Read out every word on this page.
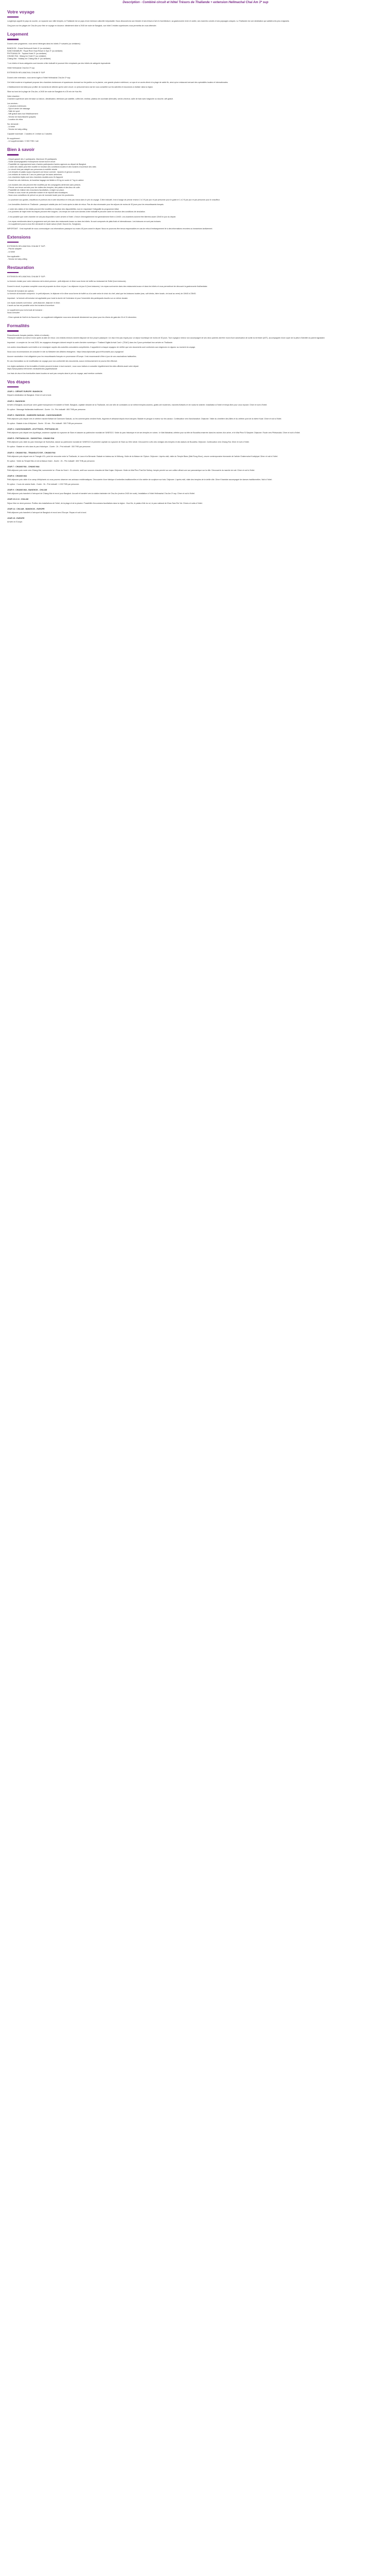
Description - Combiné circuit et hôtel Trésors de Thaïlande + extension Hellmachal Chai Am 3* sup
Votre voyage
Longtemps appelé le pays du sourire, un royaume aux mille temples, la Thaïlande est un pays d'une richesse culturelle inépuisable. Nous découvrirons son histoire et ses trésors d'art et d'architecture, sa gastronomie riche et variée, ses marchés colorés et ses paysages uniques. La Thaïlande est une destination qui satisfera les plus exigeants.
Cinq jours sur les plages de Cha-Am pour finir ce voyage en douceur. Idéalement situé à 2h30 de route de Bangkok, son hôtel 3 étoiles supérieures vous permettra de vous détendre.
Logement
Durant votre programme, vous serez hébergés dans les hôtels 3* suivants (ou similaires) :
BANGKOK : Grand Sukhumvit Hotel 4* (ou similaire)
KANCHANABURI : Royal River Kwai Resort & Spa 3* (ou similaire)
PHITSANULOK : Topland Hotel 3* (ou similaire)
CHIANG RAI : Wiang Inn Hotel 3* (ou similaire)
Chiang Mai : Holiday Inn Chiang Mai 4* (ou similaire)
* Les hôtels et leurs catégories sont donnés à titre indicatif et pourront être remplacés par des hôtels de catégorie équivalente.
Hôtel Hellmachal Chai Am 3* sup
EXTENSION HELLMACHAL CHA AM 3* SUP
Durant votre extension, vous serez logés à l'hôtel Hellmachal Cha Am 3* sup.
Cet hôtel moderne et apaisant propose des chambres lumineuses et spacieuses donnant sur les jardins ou la piscine, une grande piscine extérieure, un spa et un accès direct à la plage de sable fin, ainsi qu'un restaurant servant des spécialités locales et internationales.
L'établissement est idéal pour profiter de moments de détente après votre circuit. Le personnel sera ravi de vous conseiller sur les activités et excursions à réaliser dans la région.
Situé au bord de la plage de Cha-Am, à 2h30 de route de Bangkok et à 25 min de Hua Hin.
Votre chambre :
Chambre supérieure avec terrasse ou balcon, climatisation, télévision par satellite, coffre-fort, minibar, plateau de courtoisie (thé/café), sèche-cheveux, salle de bain avec baignoire ou douche, wifi gratuit.
Les services :
- 2 piscines extérieures
- Spa et centre de massage
- Salle de sport
- Wifi gratuit dans tout l'établissement
- Service de blanchisserie (payant)
- Location de vélos
Sur demande :
- Lit bébé
- Service de baby-sitting
Capacité maximale : 2 adultes et 1 enfant ou 3 adultes
En supplément :
- Lit supplémentaire / 2 500 THB / nuit
Bien à savoir
- Départ garanti dès 2 participants. Maximum 30 participants
- Guide accompagnateur francophone durant tout le circuit
- Possibilité de regroupement avec d'autres participants d'autres agences au départ de Bangkok
- L'ordre des visites peut être modifié en fonction des conditions locales et des horaires d'ouverture des sites
- Le circuit n'est pas adapté aux personnes à mobilité réduite
- Les temples et palais royaux imposent une tenue correcte : épaules et genoux couverts
- Les enfants de moins de 2 ans ne paient que les taxes aériennes
- Les chambres triples sont des chambres doubles avec lit d'appoint
- Durant les vols intérieurs, la franchise bagage est limitée à 20 kg en soute et 7 kg en cabine
- Les horaires des vols peuvent être modifiés par les compagnies aériennes sans préavis.
- Prévoir une tenue correcte pour les visites des temples, des palais et des lieux de culte.
- Possibilité de réaliser des excursions facultatives, à régler sur place.
- Pensez à vous munir de protection solaire et de répulsif anti-moustiques.
- Nous vous conseillons de prévoir un peu de monnaie locale pour les pourboires.
- Le pourboire aux guides, chauffeurs et porteurs est à votre discrétion et n'est pas inclus dans le prix du voyage. À titre indicatif, il est d'usage de prévoir environ 2 à 3 € par jour et par personne pour le guide et 1 à 2 € par jour et par personne pour le chauffeur.
- Les formalités d'entrée en Thaïlande : passeport valable plus de 6 mois après la date de retour. Pas de visa nécessaire pour les séjours de moins de 30 jours pour les ressortissants français.
- L'ordre des visites et les hôtels peuvent être modifiés en fonction des disponibilités, tout en respectant l'intégralité du programme initial.
- Les journées de trajet entre les étapes peuvent être longues. Les temps de route sont donnés à titre indicatif et peuvent varier en fonction des conditions de circulation.
- Il est possible que votre chambre ne soit pas disponible à votre arrivée à l'hôtel. L'heure d'enregistrement est généralement fixée à 14h00. Les chambres doivent être libérées avant 12h00 le jour du départ.
- Les repas mentionnés dans le programme sont pris dans des restaurants locaux ou dans les hôtels. Ils sont composés de plats thaïs et internationaux. Les boissons ne sont pas incluses.
- Un supplément pourra vous être demandé en haute saison (Noël, Nouvel An, Songkran).
IMPORTANT : Il est impératif de nous communiquer vos informations passeport au moins 45 jours avant le départ. Nous ne pourrons être tenus responsables en cas de refus d'embarquement lié à des informations erronées ou transmises tardivement.
Extensions
EXTENSION HELLMACHAL CHA AM 3* SUP :
- Piscine adaptée
- Lit bébé
Non applicable :
- Service de baby-sitting
Restauration
EXTENSION HELLMACHAL CHA AM 3* SUP :
La formule choisie pour votre extension est la demi-pension : petit-déjeuner et dîner sous forme de buffet au restaurant de l'hôtel (hors boissons).
Durant le circuit, la pension complète vous est proposée du dîner du jour 1 au déjeuner du jour 8 (hors boissons). Les repas sont servis dans des restaurants locaux et dans les hôtels et vous permettront de découvrir la gastronomie thaïlandaise.
Formule All Inclusive (en option) :
La formule all inclusive comprend : le petit-déjeuner, le déjeuner et le dîner sous forme de buffet ou à la carte selon le choix du chef, ainsi que les boissons locales (eau, soft drinks, bière locale, vin local au verre) de 10h00 à 23h00.
Important : la formule all inclusive est applicable pour toute la durée de l'extension et pour l'ensemble des participants inscrits sur un même dossier.
Les repas suivants sont inclus : petit-déjeuner, déjeuner et dîner.
L'accès au bar est possible selon les horaires d'ouverture.
Le supplément pour la formule all inclusive :
Nous consulter
- Dîner spécial de Noël et du Nouvel An : un supplément obligatoire vous sera demandé directement sur place pour les dîners de gala des 24 et 31 décembre.
Formalités
Ressortissants français (adultes, bébés et enfants) :
Passeport valable au moins 6 mois après la date de retour. Les enfants mineurs doivent disposer de leur propre passeport. Un visa n'est pas requis pour un séjour touristique de moins de 30 jours. Tout voyageur mineur non accompagné de ses deux parents doit être muni d'une autorisation de sortie du territoire (AST), accompagnée d'une copie de la pièce d'identité du parent signataire.
Important : à compter du 1er mai 2025, les voyageurs étrangers doivent remplir la carte d'arrivée numérique « Thailand Digital Arrival Card » (TDAC) dans les 3 jours précédant leur arrivée en Thaïlande.
Les autres ressortissants sont invités à se renseigner auprès des autorités consulaires compétentes. Il appartient à chaque voyageur de vérifier que ses documents sont conformes aux exigences en vigueur au moment du voyage.
Nous vous recommandons de consulter le site du Ministère des Affaires étrangères : https://www.diplomatie.gouv.fr/fr/conseils-aux-voyageurs/
Aucune vaccination n'est obligatoire pour les ressortissants français en provenance d'Europe. Il est recommandé d'être à jour de ses vaccinations habituelles.
En cas d'annulation ou de modification du voyage pour non-conformité des documents, aucun remboursement ne pourra être effectué.
Les règles sanitaires et les formalités d'entrée peuvent évoluer à tout moment ; nous vous invitons à consulter régulièrement les sites officiels avant votre départ.
https://www.pasteur.fr/fr/centre-medical/fiches-pays/thailande
Les frais de visa et les éventuelles taxes locales ne sont pas compris dans le prix du voyage, sauf mention contraire.
Vos étapes
JOUR 1 : DÉPART EUROPE / BANGKOK
Départ à destination de Bangkok. Dîner et nuit à bord.
JOUR 2 : BANGKOK
Arrivée à Bangkok, accueil par votre guide francophone et transfert à l'hôtel. Bangkok, capitale vibrante de la Thaïlande, est une ville de contrastes où se mêlent temples anciens, gratte-ciel modernes, marchés flottants et vie nocturne animée. Installation à l'hôtel et temps libre pour vous reposer. Dîner et nuit à l'hôtel.
En option : Massage thaïlandais traditionnel - Durée : 1h - Prix indicatif : 800 THB par personne.
JOUR 3 : BANGKOK - DAMNOEN SADUAK - KANCHANABURI
Petit-déjeuner puis départ vers le célèbre marché flottant de Damnoen Saduak, où les commerçants vendent fruits, légumes et artisanat depuis leurs barques. Balade en pirogue à moteur sur les canaux. Continuation vers Kanchanaburi. Déjeuner. Visite du cimetière des Alliés et du célèbre pont de la rivière Kwaï. Dîner et nuit à l'hôtel.
En option : Balade à dos d'éléphant - Durée : 30 min - Prix indicatif : 500 THB par personne.
JOUR 4 : KANCHANABURI - AYUTTHAYA - PHITSANULOK
Petit-déjeuner puis départ vers Ayutthaya, ancienne capitale du royaume de Siam et classée au patrimoine mondial de l'UNESCO. Visite du parc historique et de ses temples en ruines : le Wat Mahathat, célèbre pour sa tête de Bouddha enserrée dans les racines d'un arbre, et le Wat Phra Si Sanphet. Déjeuner. Route vers Phitsanulok. Dîner et nuit à l'hôtel.
JOUR 5 : PHITSANULOK - SUKHOTHAI - CHIANG RAI
Petit-déjeuner puis visite du parc historique de Sukhothai, classé au patrimoine mondial de l'UNESCO et première capitale du royaume de Siam au XIIIe siècle. Découverte à vélo des vestiges des temples et des statues de Bouddha. Déjeuner. Continuation vers Chiang Rai. Dîner et nuit à l'hôtel.
En option : Balade en vélo dans le parc historique - Durée : 2h - Prix indicatif : 300 THB par personne.
JOUR 6 : CHIANG RAI - TRIANGLE D'OR - CHIANG RAI
Petit-déjeuner puis départ vers le Triangle d'Or, point de rencontre entre la Thaïlande, le Laos et la Birmanie. Balade en bateau sur le Mékong. Visite de la Maison de l'Opium. Déjeuner. L'après-midi, visite du Temple Blanc (Wat Rong Khun), œuvre contemporaine étonnante de l'artiste Chalermchai Kositpipat. Dîner et nuit à l'hôtel.
En option : Visite du Temple Bleu et de la Maison Noire - Durée : 2h - Prix indicatif : 600 THB par personne.
JOUR 7 : CHIANG RAI - CHIANG MAI
Petit-déjeuner puis route vers Chiang Mai, surnommée la « Rose du Nord ». En chemin, arrêt aux sources chaudes de Mae Kajan. Déjeuner. Visite du Wat Phra That Doi Suthep, temple perché sur une colline offrant une vue panoramique sur la ville. Découverte du marché de nuit. Dîner et nuit à l'hôtel.
JOUR 8 : CHIANG MAI
Petit-déjeuner puis visite d'un camp d'éléphants où vous pourrez observer ces animaux emblématiques. Découverte d'une fabrique d'ombrelles traditionnelles et d'un atelier de sculpture sur bois. Déjeuner. L'après-midi, visite des temples de la vieille ville. Dîner Khantoke accompagné de danses traditionnelles. Nuit à l'hôtel.
En option : Cours de cuisine thaïe - Durée : 3h - Prix indicatif : 1 200 THB par personne.
JOUR 9 : CHIANG MAI - BANGKOK - CHA AM
Petit-déjeuner puis transfert à l'aéroport de Chiang Mai et envol pour Bangkok. Accueil et transfert vers la station balnéaire de Cha-Am (environ 2h30 de route). Installation à l'hôtel Hellmachal Cha Am 3* sup. Dîner et nuit à l'hôtel.
JOUR 10 À 13 : CHA AM
Séjour libre en demi-pension. Profitez des installations de l'hôtel, de la plage et de la piscine. Possibilité d'excursions facultatives dans la région : Hua Hin, le palais d'été du roi, le parc national de Khao Sam Roi Yot. Dîners et nuits à l'hôtel.
JOUR 14 : CHA AM - BANGKOK - EUROPE
Petit-déjeuner puis transfert à l'aéroport de Bangkok et envol vers l'Europe. Repas et nuit à bord.
JOUR 15 : EUROPE
Arrivée en Europe.
